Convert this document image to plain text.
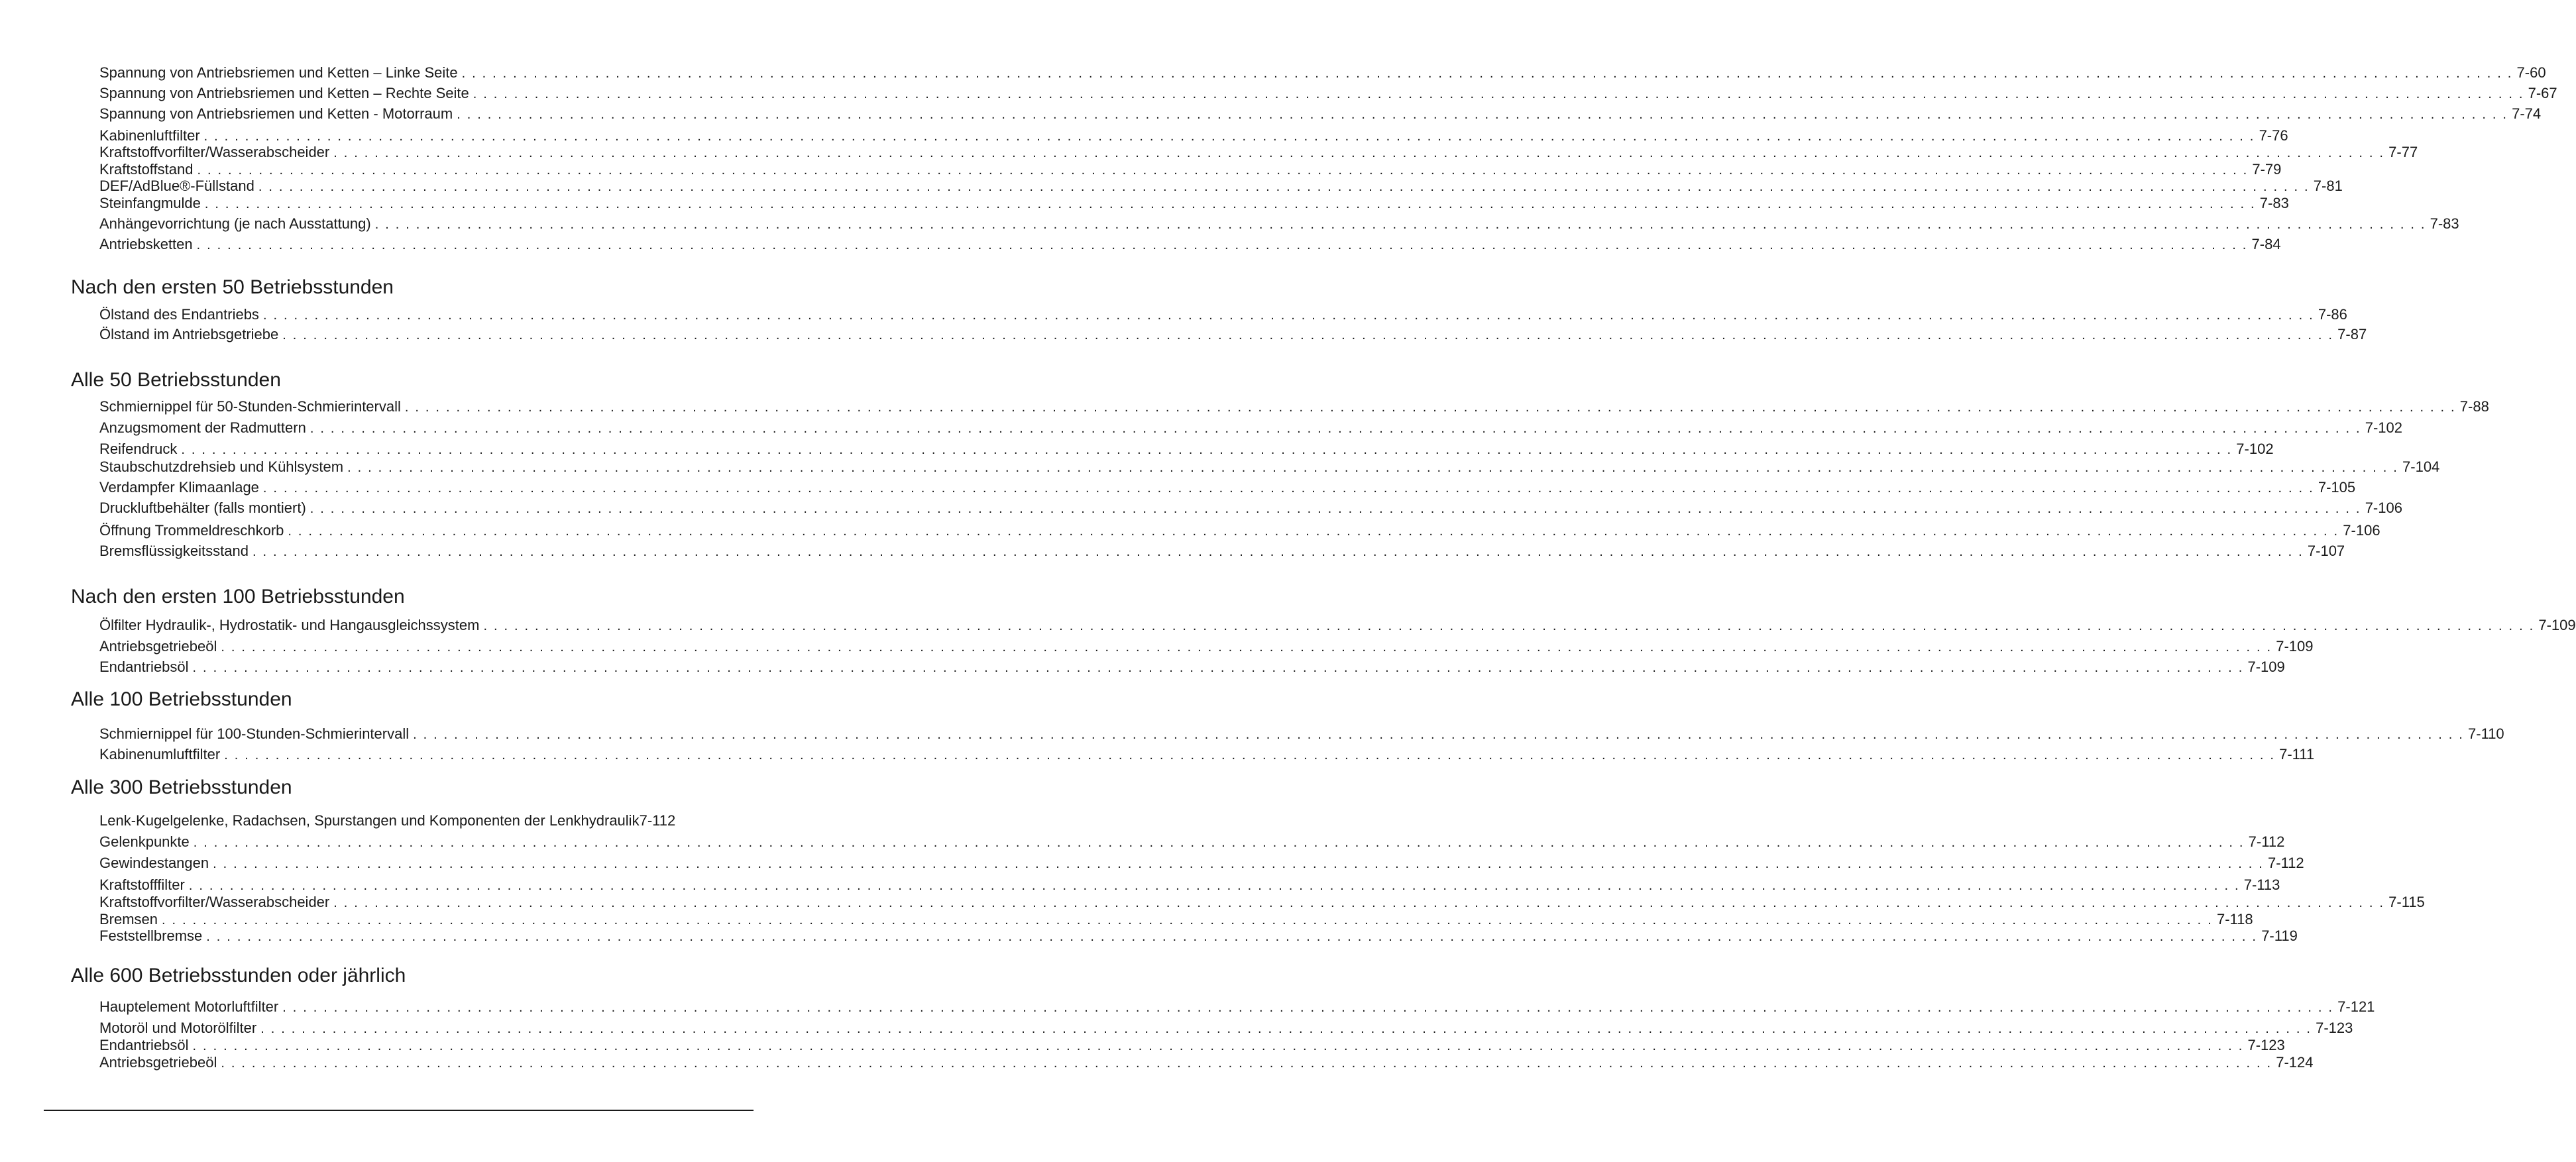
Spannung von Antriebsriemen und Ketten – Linke Seite . . . . . . . . . . . . . . . . . . . . . . . . . . . . . . . . . . . . . . . . . . . . . . . . . . . . . . . . . . . . . . . . . . . . . . . . . . . . . . . . . . . . . . . . . . . . . . . . . . . . . . . . . . . . . . . . . . . . . . . . . . . . . . . . . . . . . . . . . . . . . . . . . . . . . . . . . . . . . . . . . . . . . . . . . . . . . . . . . . . . . . . . . . . . . . . . . . . . . . . . 7-60
Spannung von Antriebsriemen und Ketten – Rechte Seite . . . . . . . . . . . . . . . . . . . . . . . . . . . . . . . . . . . . . . . . . . . . . . . . . . . . . . . . . . . . . . . . . . . . . . . . . . . . . . . . . . . . . . . . . . . . . . . . . . . . . . . . . . . . . . . . . . . . . . . . . . . . . . . . . . . . . . . . . . . . . . . . . . . . . . . . . . . . . . . . . . . . . . . . . . . . . . . . . . . . . . . . . . . . . . . . . . . . . . . . 7-67
Spannung von Antriebsriemen und Ketten - Motorraum . . . . . . . . . . . . . . . . . . . . . . . . . . . . . . . . . . . . . . . . . . . . . . . . . . . . . . . . . . . . . . . . . . . . . . . . . . . . . . . . . . . . . . . . . . . . . . . . . . . . . . . . . . . . . . . . . . . . . . . . . . . . . . . . . . . . . . . . . . . . . . . . . . . . . . . . . . . . . . . . . . . . . . . . . . . . . . . . . . . . . . . . . . . . . . . . . . . . . . . . 7-74
Kabinenluftfilter . . . . . . . . . . . . . . . . . . . . . . . . . . . . . . . . . . . . . . . . . . . . . . . . . . . . . . . . . . . . . . . . . . . . . . . . . . . . . . . . . . . . . . . . . . . . . . . . . . . . . . . . . . . . . . . . . . . . . . . . . . . . . . . . . . . . . . . . . . . . . . . . . . . . . . . . . . . . . . . . . . . . . . . . . . . . . . . . . . . . . . . . . . . . . . . . . . . . . . . . 7-76
Kraftstoffvorfilter/Wasserabscheider . . . . . . . . . . . . . . . . . . . . . . . . . . . . . . . . . . . . . . . . . . . . . . . . . . . . . . . . . . . . . . . . . . . . . . . . . . . . . . . . . . . . . . . . . . . . . . . . . . . . . . . . . . . . . . . . . . . . . . . . . . . . . . . . . . . . . . . . . . . . . . . . . . . . . . . . . . . . . . . . . . . . . . . . . . . . . . . . . . . . . . . . . . . . . . . . . . . . . . . . 7-77
Kraftstoffstand . . . . . . . . . . . . . . . . . . . . . . . . . . . . . . . . . . . . . . . . . . . . . . . . . . . . . . . . . . . . . . . . . . . . . . . . . . . . . . . . . . . . . . . . . . . . . . . . . . . . . . . . . . . . . . . . . . . . . . . . . . . . . . . . . . . . . . . . . . . . . . . . . . . . . . . . . . . . . . . . . . . . . . . . . . . . . . . . . . . . . . . . . . . . . . . . . . . . . . . . 7-79
DEF/AdBlue®-Füllstand . . . . . . . . . . . . . . . . . . . . . . . . . . . . . . . . . . . . . . . . . . . . . . . . . . . . . . . . . . . . . . . . . . . . . . . . . . . . . . . . . . . . . . . . . . . . . . . . . . . . . . . . . . . . . . . . . . . . . . . . . . . . . . . . . . . . . . . . . . . . . . . . . . . . . . . . . . . . . . . . . . . . . . . . . . . . . . . . . . . . . . . . . . . . . . . . . . . . . . . . 7-81
Steinfangmulde . . . . . . . . . . . . . . . . . . . . . . . . . . . . . . . . . . . . . . . . . . . . . . . . . . . . . . . . . . . . . . . . . . . . . . . . . . . . . . . . . . . . . . . . . . . . . . . . . . . . . . . . . . . . . . . . . . . . . . . . . . . . . . . . . . . . . . . . . . . . . . . . . . . . . . . . . . . . . . . . . . . . . . . . . . . . . . . . . . . . . . . . . . . . . . . . . . . . . . . . 7-83
Anhängevorrichtung (je nach Ausstattung) . . . . . . . . . . . . . . . . . . . . . . . . . . . . . . . . . . . . . . . . . . . . . . . . . . . . . . . . . . . . . . . . . . . . . . . . . . . . . . . . . . . . . . . . . . . . . . . . . . . . . . . . . . . . . . . . . . . . . . . . . . . . . . . . . . . . . . . . . . . . . . . . . . . . . . . . . . . . . . . . . . . . . . . . . . . . . . . . . . . . . . . . . . . . . . . . . . . . . . . . 7-83
Antriebsketten . . . . . . . . . . . . . . . . . . . . . . . . . . . . . . . . . . . . . . . . . . . . . . . . . . . . . . . . . . . . . . . . . . . . . . . . . . . . . . . . . . . . . . . . . . . . . . . . . . . . . . . . . . . . . . . . . . . . . . . . . . . . . . . . . . . . . . . . . . . . . . . . . . . . . . . . . . . . . . . . . . . . . . . . . . . . . . . . . . . . . . . . . . . . . . . . . . . . . . . . 7-84
Nach den ersten 50 Betriebsstunden
Ölstand des Endantriebs . . . . . . . . . . . . . . . . . . . . . . . . . . . . . . . . . . . . . . . . . . . . . . . . . . . . . . . . . . . . . . . . . . . . . . . . . . . . . . . . . . . . . . . . . . . . . . . . . . . . . . . . . . . . . . . . . . . . . . . . . . . . . . . . . . . . . . . . . . . . . . . . . . . . . . . . . . . . . . . . . . . . . . . . . . . . . . . . . . . . . . . . . . . . . . . . . . . . . . . . 7-86
Ölstand im Antriebsgetriebe . . . . . . . . . . . . . . . . . . . . . . . . . . . . . . . . . . . . . . . . . . . . . . . . . . . . . . . . . . . . . . . . . . . . . . . . . . . . . . . . . . . . . . . . . . . . . . . . . . . . . . . . . . . . . . . . . . . . . . . . . . . . . . . . . . . . . . . . . . . . . . . . . . . . . . . . . . . . . . . . . . . . . . . . . . . . . . . . . . . . . . . . . . . . . . . . . . . . . . . . 7-87
Alle 50 Betriebsstunden
Schmiernippel für 50-Stunden-Schmierintervall . . . . . . . . . . . . . . . . . . . . . . . . . . . . . . . . . . . . . . . . . . . . . . . . . . . . . . . . . . . . . . . . . . . . . . . . . . . . . . . . . . . . . . . . . . . . . . . . . . . . . . . . . . . . . . . . . . . . . . . . . . . . . . . . . . . . . . . . . . . . . . . . . . . . . . . . . . . . . . . . . . . . . . . . . . . . . . . . . . . . . . . . . . . . . . . . . . . . . . . . 7-88
Anzugsmoment der Radmuttern . . . . . . . . . . . . . . . . . . . . . . . . . . . . . . . . . . . . . . . . . . . . . . . . . . . . . . . . . . . . . . . . . . . . . . . . . . . . . . . . . . . . . . . . . . . . . . . . . . . . . . . . . . . . . . . . . . . . . . . . . . . . . . . . . . . . . . . . . . . . . . . . . . . . . . . . . . . . . . . . . . . . . . . . . . . . . . . . . . . . . . . . . . . . . . . . . . . . . . . . 7-102
Reifendruck . . . . . . . . . . . . . . . . . . . . . . . . . . . . . . . . . . . . . . . . . . . . . . . . . . . . . . . . . . . . . . . . . . . . . . . . . . . . . . . . . . . . . . . . . . . . . . . . . . . . . . . . . . . . . . . . . . . . . . . . . . . . . . . . . . . . . . . . . . . . . . . . . . . . . . . . . . . . . . . . . . . . . . . . . . . . . . . . . . . . . . . . . . . . . . . . . . . . . . . . 7-102
Staubschutzdrehsieb und Kühlsystem . . . . . . . . . . . . . . . . . . . . . . . . . . . . . . . . . . . . . . . . . . . . . . . . . . . . . . . . . . . . . . . . . . . . . . . . . . . . . . . . . . . . . . . . . . . . . . . . . . . . . . . . . . . . . . . . . . . . . . . . . . . . . . . . . . . . . . . . . . . . . . . . . . . . . . . . . . . . . . . . . . . . . . . . . . . . . . . . . . . . . . . . . . . . . . . . . . . . . . . . 7-104
Verdampfer Klimaanlage . . . . . . . . . . . . . . . . . . . . . . . . . . . . . . . . . . . . . . . . . . . . . . . . . . . . . . . . . . . . . . . . . . . . . . . . . . . . . . . . . . . . . . . . . . . . . . . . . . . . . . . . . . . . . . . . . . . . . . . . . . . . . . . . . . . . . . . . . . . . . . . . . . . . . . . . . . . . . . . . . . . . . . . . . . . . . . . . . . . . . . . . . . . . . . . . . . . . . . . . 7-105
Druckluftbehälter (falls montiert) . . . . . . . . . . . . . . . . . . . . . . . . . . . . . . . . . . . . . . . . . . . . . . . . . . . . . . . . . . . . . . . . . . . . . . . . . . . . . . . . . . . . . . . . . . . . . . . . . . . . . . . . . . . . . . . . . . . . . . . . . . . . . . . . . . . . . . . . . . . . . . . . . . . . . . . . . . . . . . . . . . . . . . . . . . . . . . . . . . . . . . . . . . . . . . . . . . . . . . . . 7-106
Öffnung Trommeldreschkorb . . . . . . . . . . . . . . . . . . . . . . . . . . . . . . . . . . . . . . . . . . . . . . . . . . . . . . . . . . . . . . . . . . . . . . . . . . . . . . . . . . . . . . . . . . . . . . . . . . . . . . . . . . . . . . . . . . . . . . . . . . . . . . . . . . . . . . . . . . . . . . . . . . . . . . . . . . . . . . . . . . . . . . . . . . . . . . . . . . . . . . . . . . . . . . . . . . . . . . . . 7-106
Bremsflüssigkeitsstand . . . . . . . . . . . . . . . . . . . . . . . . . . . . . . . . . . . . . . . . . . . . . . . . . . . . . . . . . . . . . . . . . . . . . . . . . . . . . . . . . . . . . . . . . . . . . . . . . . . . . . . . . . . . . . . . . . . . . . . . . . . . . . . . . . . . . . . . . . . . . . . . . . . . . . . . . . . . . . . . . . . . . . . . . . . . . . . . . . . . . . . . . . . . . . . . . . . . . . . . 7-107
Nach den ersten 100 Betriebsstunden
Ölfilter Hydraulik-, Hydrostatik- und Hangausgleichssystem . . . . . . . . . . . . . . . . . . . . . . . . . . . . . . . . . . . . . . . . . . . . . . . . . . . . . . . . . . . . . . . . . . . . . . . . . . . . . . . . . . . . . . . . . . . . . . . . . . . . . . . . . . . . . . . . . . . . . . . . . . . . . . . . . . . . . . . . . . . . . . . . . . . . . . . . . . . . . . . . . . . . . . . . . . . . . . . . . . . . . . . . . . . . . . . . . . . . . . . . 7-109
Antriebsgetriebeöl . . . . . . . . . . . . . . . . . . . . . . . . . . . . . . . . . . . . . . . . . . . . . . . . . . . . . . . . . . . . . . . . . . . . . . . . . . . . . . . . . . . . . . . . . . . . . . . . . . . . . . . . . . . . . . . . . . . . . . . . . . . . . . . . . . . . . . . . . . . . . . . . . . . . . . . . . . . . . . . . . . . . . . . . . . . . . . . . . . . . . . . . . . . . . . . . . . . . . . . . 7-109
Endantriebsöl . . . . . . . . . . . . . . . . . . . . . . . . . . . . . . . . . . . . . . . . . . . . . . . . . . . . . . . . . . . . . . . . . . . . . . . . . . . . . . . . . . . . . . . . . . . . . . . . . . . . . . . . . . . . . . . . . . . . . . . . . . . . . . . . . . . . . . . . . . . . . . . . . . . . . . . . . . . . . . . . . . . . . . . . . . . . . . . . . . . . . . . . . . . . . . . . . . . . . . . . 7-109
Alle 100 Betriebsstunden
Schmiernippel für 100-Stunden-Schmierintervall . . . . . . . . . . . . . . . . . . . . . . . . . . . . . . . . . . . . . . . . . . . . . . . . . . . . . . . . . . . . . . . . . . . . . . . . . . . . . . . . . . . . . . . . . . . . . . . . . . . . . . . . . . . . . . . . . . . . . . . . . . . . . . . . . . . . . . . . . . . . . . . . . . . . . . . . . . . . . . . . . . . . . . . . . . . . . . . . . . . . . . . . . . . . . . . . . . . . . . . . 7-110
Kabinenumluftfilter . . . . . . . . . . . . . . . . . . . . . . . . . . . . . . . . . . . . . . . . . . . . . . . . . . . . . . . . . . . . . . . . . . . . . . . . . . . . . . . . . . . . . . . . . . . . . . . . . . . . . . . . . . . . . . . . . . . . . . . . . . . . . . . . . . . . . . . . . . . . . . . . . . . . . . . . . . . . . . . . . . . . . . . . . . . . . . . . . . . . . . . . . . . . . . . . . . . . . . . . 7-111
Alle 300 Betriebsstunden
Lenk-Kugelgelenke, Radachsen, Spurstangen und Komponenten der Lenkhydraulik 7-112
Gelenkpunkte . . . . . . . . . . . . . . . . . . . . . . . . . . . . . . . . . . . . . . . . . . . . . . . . . . . . . . . . . . . . . . . . . . . . . . . . . . . . . . . . . . . . . . . . . . . . . . . . . . . . . . . . . . . . . . . . . . . . . . . . . . . . . . . . . . . . . . . . . . . . . . . . . . . . . . . . . . . . . . . . . . . . . . . . . . . . . . . . . . . . . . . . . . . . . . . . . . . . . . . . 7-112
Gewindestangen . . . . . . . . . . . . . . . . . . . . . . . . . . . . . . . . . . . . . . . . . . . . . . . . . . . . . . . . . . . . . . . . . . . . . . . . . . . . . . . . . . . . . . . . . . . . . . . . . . . . . . . . . . . . . . . . . . . . . . . . . . . . . . . . . . . . . . . . . . . . . . . . . . . . . . . . . . . . . . . . . . . . . . . . . . . . . . . . . . . . . . . . . . . . . . . . . . . . . . . . 7-112
Kraftstofffilter . . . . . . . . . . . . . . . . . . . . . . . . . . . . . . . . . . . . . . . . . . . . . . . . . . . . . . . . . . . . . . . . . . . . . . . . . . . . . . . . . . . . . . . . . . . . . . . . . . . . . . . . . . . . . . . . . . . . . . . . . . . . . . . . . . . . . . . . . . . . . . . . . . . . . . . . . . . . . . . . . . . . . . . . . . . . . . . . . . . . . . . . . . . . . . . . . . . . . . . . 7-113
Kraftstoffvorfilter/Wasserabscheider . . . . . . . . . . . . . . . . . . . . . . . . . . . . . . . . . . . . . . . . . . . . . . . . . . . . . . . . . . . . . . . . . . . . . . . . . . . . . . . . . . . . . . . . . . . . . . . . . . . . . . . . . . . . . . . . . . . . . . . . . . . . . . . . . . . . . . . . . . . . . . . . . . . . . . . . . . . . . . . . . . . . . . . . . . . . . . . . . . . . . . . . . . . . . . . . . . . . . . . . 7-115
Bremsen . . . . . . . . . . . . . . . . . . . . . . . . . . . . . . . . . . . . . . . . . . . . . . . . . . . . . . . . . . . . . . . . . . . . . . . . . . . . . . . . . . . . . . . . . . . . . . . . . . . . . . . . . . . . . . . . . . . . . . . . . . . . . . . . . . . . . . . . . . . . . . . . . . . . . . . . . . . . . . . . . . . . . . . . . . . . . . . . . . . . . . . . . . . . . . . . . . . . . . . . 7-118
Feststellbremse . . . . . . . . . . . . . . . . . . . . . . . . . . . . . . . . . . . . . . . . . . . . . . . . . . . . . . . . . . . . . . . . . . . . . . . . . . . . . . . . . . . . . . . . . . . . . . . . . . . . . . . . . . . . . . . . . . . . . . . . . . . . . . . . . . . . . . . . . . . . . . . . . . . . . . . . . . . . . . . . . . . . . . . . . . . . . . . . . . . . . . . . . . . . . . . . . . . . . . . . 7-119
Alle 600 Betriebsstunden oder jährlich
Hauptelement Motorluftfilter . . . . . . . . . . . . . . . . . . . . . . . . . . . . . . . . . . . . . . . . . . . . . . . . . . . . . . . . . . . . . . . . . . . . . . . . . . . . . . . . . . . . . . . . . . . . . . . . . . . . . . . . . . . . . . . . . . . . . . . . . . . . . . . . . . . . . . . . . . . . . . . . . . . . . . . . . . . . . . . . . . . . . . . . . . . . . . . . . . . . . . . . . . . . . . . . . . . . . . . . 7-121
Motoröl und Motorölfilter . . . . . . . . . . . . . . . . . . . . . . . . . . . . . . . . . . . . . . . . . . . . . . . . . . . . . . . . . . . . . . . . . . . . . . . . . . . . . . . . . . . . . . . . . . . . . . . . . . . . . . . . . . . . . . . . . . . . . . . . . . . . . . . . . . . . . . . . . . . . . . . . . . . . . . . . . . . . . . . . . . . . . . . . . . . . . . . . . . . . . . . . . . . . . . . . . . . . . . . . 7-123
Endantriebsöl . . . . . . . . . . . . . . . . . . . . . . . . . . . . . . . . . . . . . . . . . . . . . . . . . . . . . . . . . . . . . . . . . . . . . . . . . . . . . . . . . . . . . . . . . . . . . . . . . . . . . . . . . . . . . . . . . . . . . . . . . . . . . . . . . . . . . . . . . . . . . . . . . . . . . . . . . . . . . . . . . . . . . . . . . . . . . . . . . . . . . . . . . . . . . . . . . . . . . . . . 7-123
Antriebsgetriebeöl . . . . . . . . . . . . . . . . . . . . . . . . . . . . . . . . . . . . . . . . . . . . . . . . . . . . . . . . . . . . . . . . . . . . . . . . . . . . . . . . . . . . . . . . . . . . . . . . . . . . . . . . . . . . . . . . . . . . . . . . . . . . . . . . . . . . . . . . . . . . . . . . . . . . . . . . . . . . . . . . . . . . . . . . . . . . . . . . . . . . . . . . . . . . . . . . . . . . . . . . 7-124
